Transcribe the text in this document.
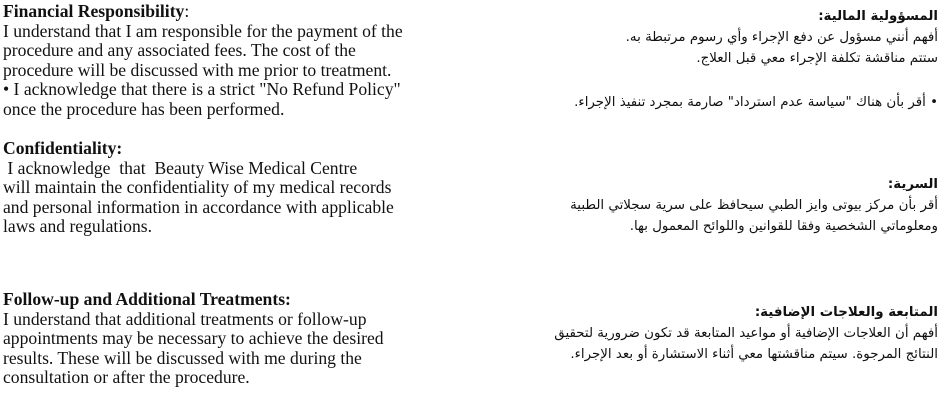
Financial Responsibility:

I understand that I am responsible for the payment of the
procedure and any associated fees. The cost of the
procedure will be discussed with me prior to treatment.
• I acknowledge that there is a strict "No Refund Policy"
once the procedure has been performed.

Confidentiality:

I acknowledge  that  Beauty Wise Medical Centre
will maintain the confidentiality of my medical records
and personal information in accordance with applicable
laws and regulations.

Follow-up and Additional Treatments:

I understand that additional treatments or follow-up
appointments may be necessary to achieve the desired
results. These will be discussed with me during the
consultation or after the procedure.

المسؤولية المالية:

أفهم أنني مسؤول عن دفع الإجراء وأي رسوم مرتبطة به.
ستتم مناقشة تكلفة الإجراء معي قبل العلاج.
• أقر بأن هناك "سياسة عدم استرداد" صارمة بمجرد تنفيذ الإجراء.

السرية:

أقر بأن مركز بيوتى وايز الطبي سيحافظ على سرية سجلاتي الطبية
ومعلوماتي الشخصية وفقا للقوانين واللوائح المعمول بها.

المتابعة والعلاجات الإضافية:

أفهم أن العلاجات الإضافية أو مواعيد المتابعة قد تكون ضرورية لتحقيق
النتائج المرجوة. سيتم مناقشتها معي أثناء الاستشارة أو بعد الإجراء.
